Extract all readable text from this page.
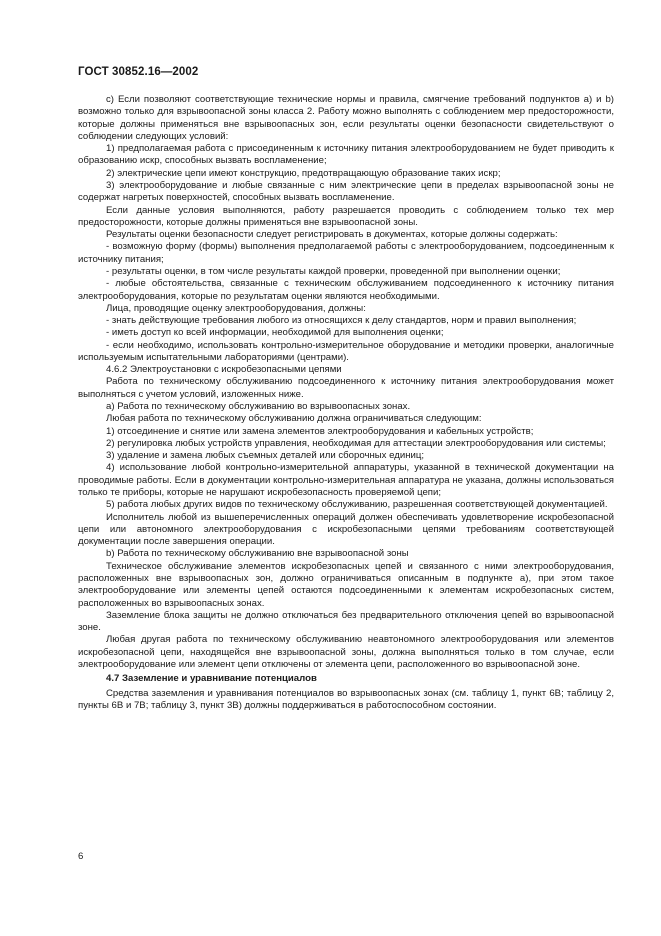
ГОСТ 30852.16—2002

с) Если позволяют соответствующие технические нормы и правила, смягчение требований подпунктов а) и b) возможно только для взрывоопасной зоны класса 2. Работу можно выполнять с соблюдением мер предосторожности, которые должны применяться вне взрывоопасных зон, если результаты оценки безопасности свидетельствуют о соблюдении следующих условий:

1) предполагаемая работа с присоединенным к источнику питания электрооборудованием не будет приводить к образованию искр, способных вызвать воспламенение;

2) электрические цепи имеют конструкцию, предотвращающую образование таких искр;

3) электрооборудование и любые связанные с ним электрические цепи в пределах взрывоопасной зоны не содержат нагретых поверхностей, способных вызвать воспламенение.

Если данные условия выполняются, работу разрешается проводить с соблюдением только тех мер предосторожности, которые должны применяться вне взрывоопасной зоны.

Результаты оценки безопасности следует регистрировать в документах, которые должны содержать:

- возможную форму (формы) выполнения предполагаемой работы с электрооборудованием, подсоединенным к источнику питания;

- результаты оценки, в том числе результаты каждой проверки, проведенной при выполнении оценки;

- любые обстоятельства, связанные с техническим обслуживанием подсоединенного к источнику питания электрооборудования, которые по результатам оценки являются необходимыми.

Лица, проводящие оценку электрооборудования, должны:

- знать действующие требования любого из относящихся к делу стандартов, норм и правил выполнения;

- иметь доступ ко всей информации, необходимой для выполнения оценки;

- если необходимо, использовать контрольно-измерительное оборудование и методики проверки, аналогичные используемым испытательными лабораториями (центрами).

4.6.2 Электроустановки с искробезопасными цепями

Работа по техническому обслуживанию подсоединенного к источнику питания электрооборудования может выполняться с учетом условий, изложенных ниже.

а) Работа по техническому обслуживанию во взрывоопасных зонах.

Любая работа по техническому обслуживанию должна ограничиваться следующим:

1) отсоединение и снятие или замена элементов электрооборудования и кабельных устройств;

2) регулировка любых устройств управления, необходимая для аттестации электрооборудования или системы;

3) удаление и замена любых съемных деталей или сборочных единиц;

4) использование любой контрольно-измерительной аппаратуры, указанной в технической документации на проводимые работы. Если в документации контрольно-измерительная аппаратура не указана, должны использоваться только те приборы, которые не нарушают искробезопасность проверяемой цепи;

5) работа любых других видов по техническому обслуживанию, разрешенная соответствующей документацией.

Исполнитель любой из вышеперечисленных операций должен обеспечивать удовлетворение искробезопасной цепи или автономного электрооборудования с искробезопасными цепями требованиям соответствующей документации после завершения операции.

b) Работа по техническому обслуживанию вне взрывоопасной зоны

Техническое обслуживание элементов искробезопасных цепей и связанного с ними электрооборудования, расположенных вне взрывоопасных зон, должно ограничиваться описанным в подпункте а), при этом такое электрооборудование или элементы цепей остаются подсоединенными к элементам искробезопасных систем, расположенных во взрывоопасных зонах.

Заземление блока защиты не должно отключаться без предварительного отключения цепей во взрывоопасной зоне.

Любая другая работа по техническому обслуживанию неавтономного электрооборудования или элементов искробезопасной цепи, находящейся вне взрывоопасной зоны, должна выполняться только в том случае, если электрооборудование или элемент цепи отключены от элемента цепи, расположенного во взрывоопасной зоне.

4.7 Заземление и уравнивание потенциалов

Средства заземления и уравнивания потенциалов во взрывоопасных зонах (см. таблицу 1, пункт 6В; таблицу 2, пункты 6В и 7В; таблицу 3, пункт 3В) должны поддерживаться в работоспособном состоянии.

6
